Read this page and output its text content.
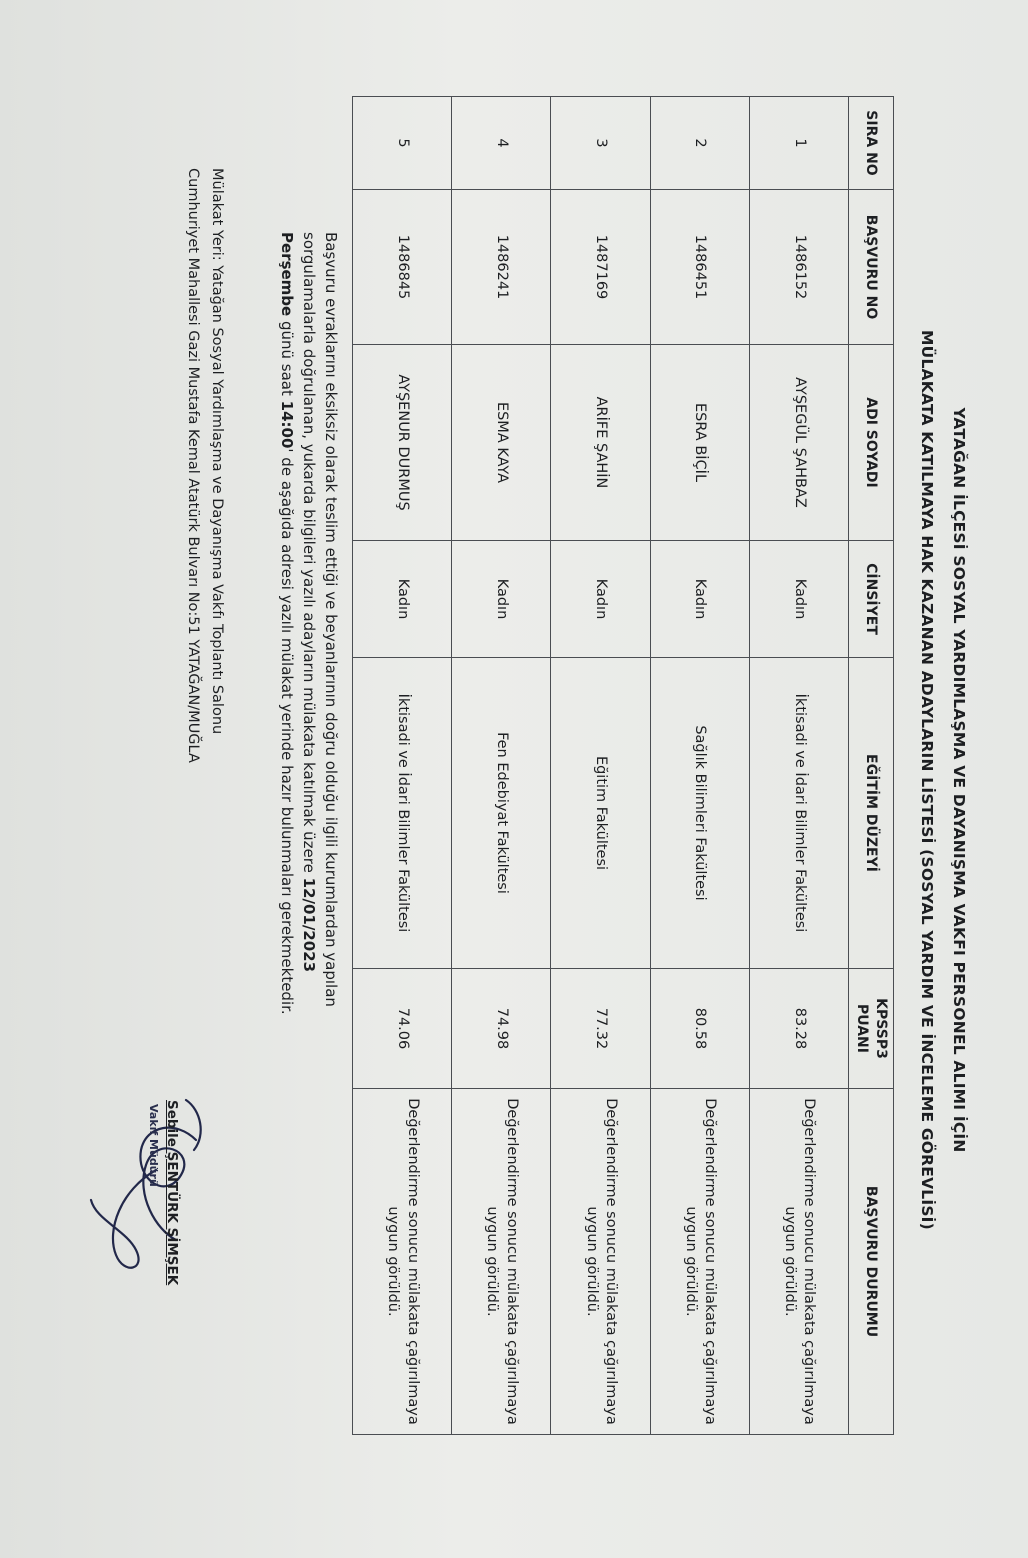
YATAĞAN İLÇESİ SOSYAL YARDIMLAŞMA VE DAYANIŞMA VAKFI PERSONEL ALIMI İÇİN
MÜLAKATA KATILMAYA HAK KAZANAN ADAYLARIN LİSTESİ (SOSYAL YARDIM VE İNCELEME GÖREVLİSİ)
SIRA NO	BAŞVURU NO	ADI SOYADI	CİNSİYET	EĞİTİM DÜZEYİ	KPSSP3 PUANI	BAŞVURU DURUMU
1	1486152	AYŞEGÜL ŞAHBAZ	Kadın	İktisadi ve İdari Bilimler Fakültesi	83.28	Değerlendirme sonucu mülakata çağırılmaya uygun görüldü.
2	1486451	ESRA BİÇİL	Kadın	Sağlık Bilimleri Fakültesi	80.58	Değerlendirme sonucu mülakata çağırılmaya uygun görüldü.
3	1487169	ARİFE ŞAHİN	Kadın	Eğitim Fakültesi	77.32	Değerlendirme sonucu mülakata çağırılmaya uygun görüldü.
4	1486241	ESMA KAYA	Kadın	Fen Edebiyat Fakültesi	74.98	Değerlendirme sonucu mülakata çağırılmaya uygun görüldü.
5	1486845	AYŞENUR DURMUŞ	Kadın	İktisadi ve İdari Bilimler Fakültesi	74.06	Değerlendirme sonucu mülakata çağırılmaya uygun görüldü.
Başvuru evraklarını eksiksiz olarak teslim ettiği ve beyanlarının doğru olduğu ilgili kurumlardan yapılan sorgulamalarla doğrulanan, yukarda bilgileri yazılı adayların mülakata katılmak üzere 12/01/2023 Perşembe günü saat 14:00' de aşağıda adresi yazılı mülakat yerinde hazır bulunmaları gerekmektedir.
Mülakat Yeri: Yatağan Sosyal Yardımlaşma ve Dayanışma Vakfı Toplantı Salonu
Cumhuriyet Mahallesi Gazi Mustafa Kemal Atatürk Bulvarı No:51 YATAĞAN/MUĞLA
Sebile ŞENTÜRK ŞİMŞEK
Vakıf Müdürü
